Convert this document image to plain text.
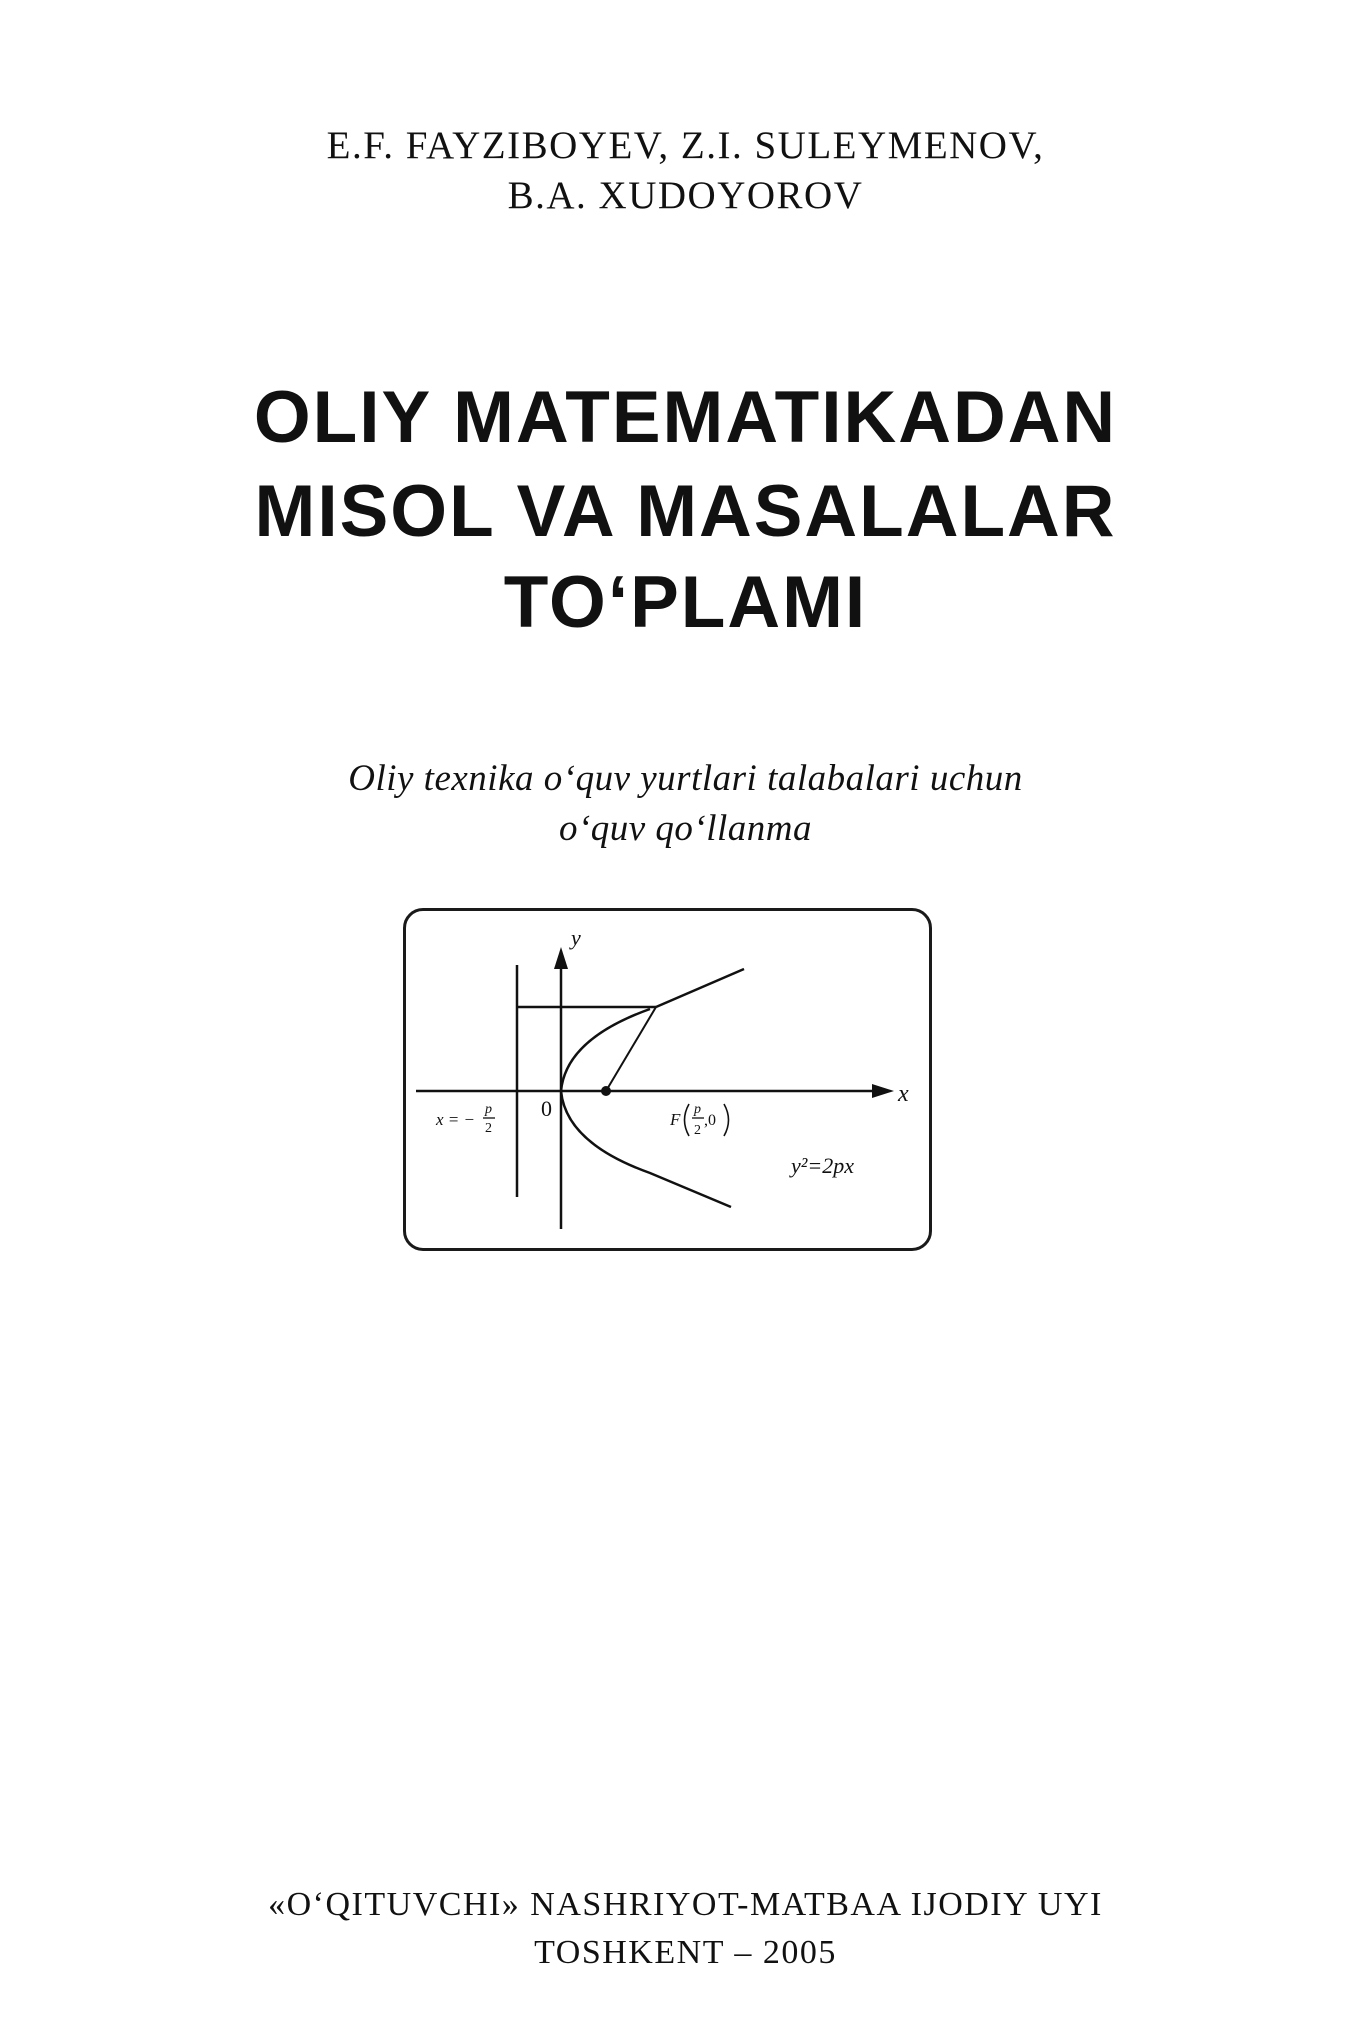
E.F. FAYZIBOYEV, Z.I. SULEYMENOV,
B.A. XUDOYOROV
OLIY MATEMATIKADAN
MISOL VA MASALALAR
TO‘PLAMI
Oliy texnika o‘quv yurtlari talabalari uchun
o‘quv qo‘llanma
y
x
0
x = −
p
2	F
p
2
,0
y²=2px
«O‘QITUVCHI» NASHRIYOT-MATBAA IJODIY UYI
TOSHKENT – 2005
